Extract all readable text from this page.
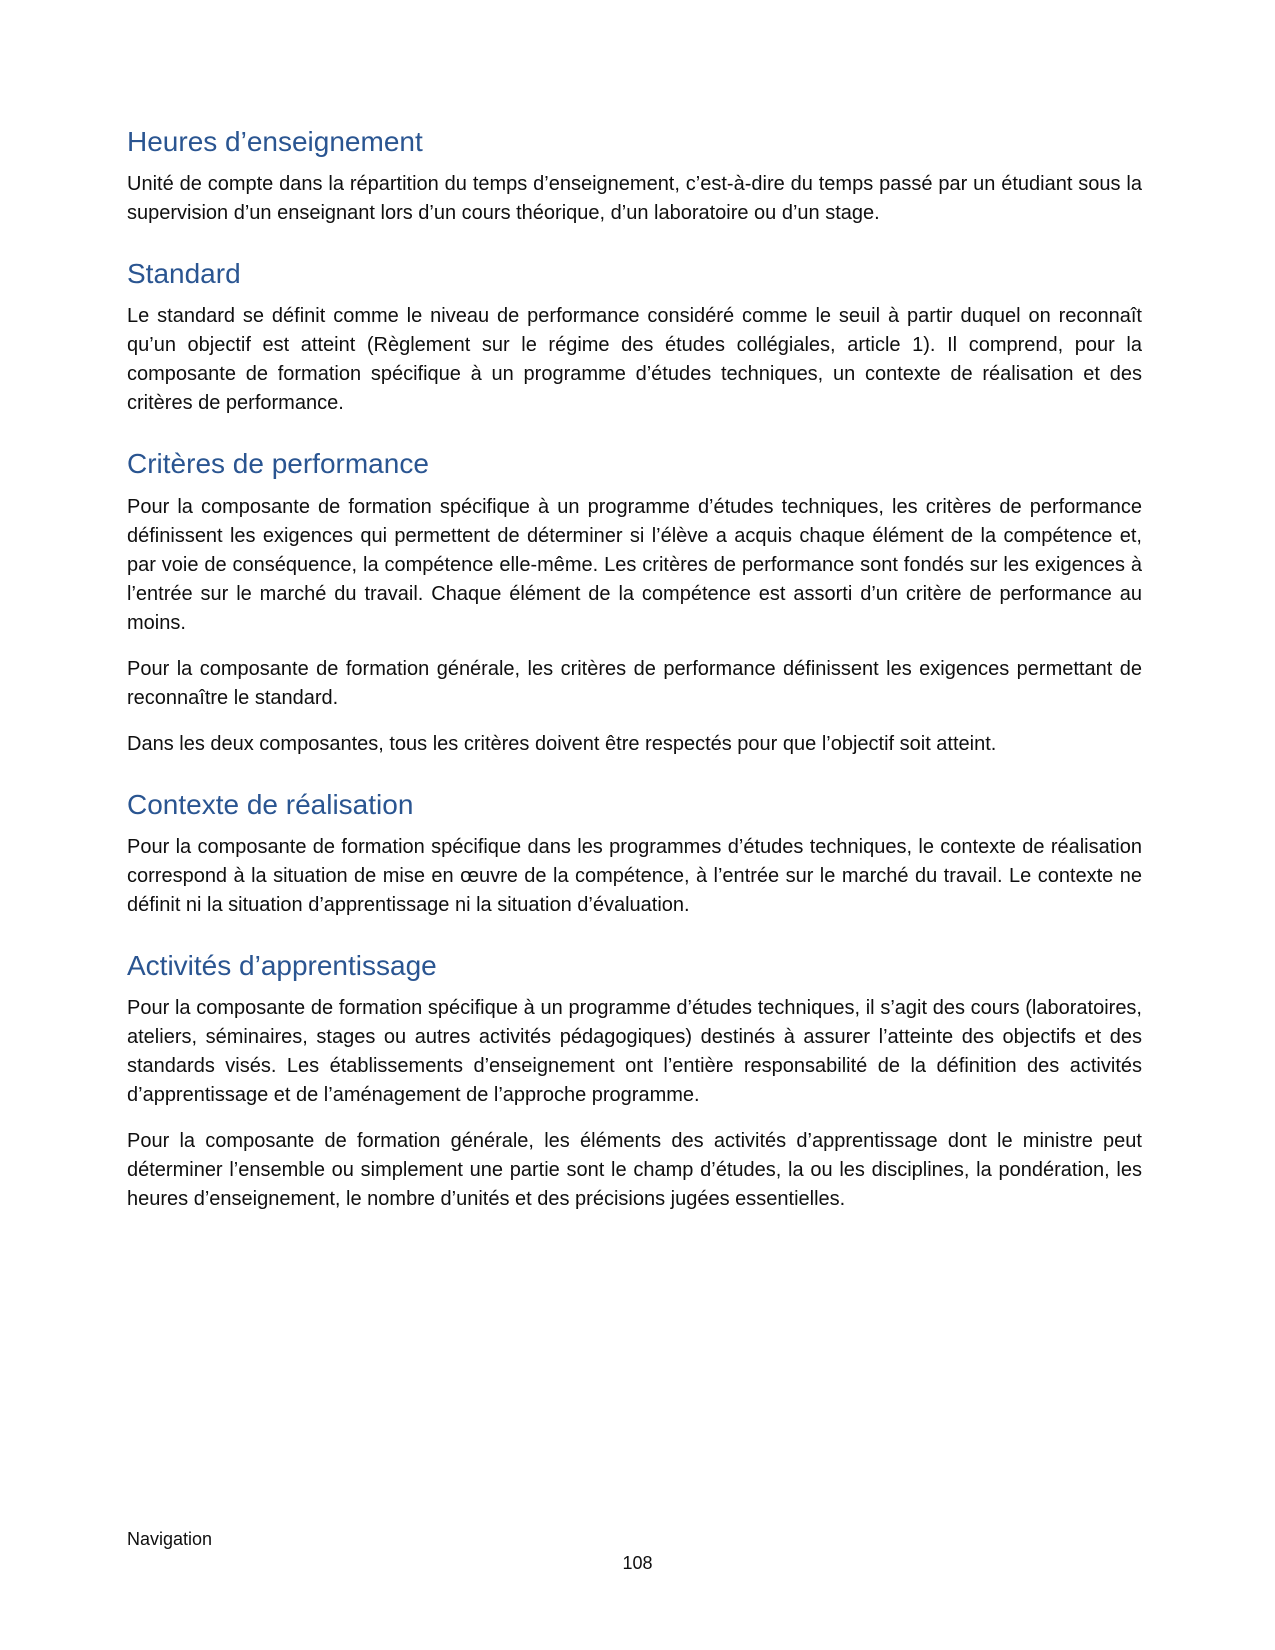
Heures d’enseignement

Unité de compte dans la répartition du temps d’enseignement, c’est-à-dire du temps passé par un étudiant sous la supervision d’un enseignant lors d’un cours théorique, d’un laboratoire ou d’un stage.

Standard

Le standard se définit comme le niveau de performance considéré comme le seuil à partir duquel on reconnaît qu’un objectif est atteint (Règlement sur le régime des études collégiales, article 1). Il comprend, pour la composante de formation spécifique à un programme d’études techniques, un contexte de réalisation et des critères de performance.

Critères de performance

Pour la composante de formation spécifique à un programme d’études techniques, les critères de performance définissent les exigences qui permettent de déterminer si l’élève a acquis chaque élément de la compétence et, par voie de conséquence, la compétence elle-même. Les critères de performance sont fondés sur les exigences à l’entrée sur le marché du travail. Chaque élément de la compétence est assorti d’un critère de performance au moins.

Pour la composante de formation générale, les critères de performance définissent les exigences permettant de reconnaître le standard.

Dans les deux composantes, tous les critères doivent être respectés pour que l’objectif soit atteint.

Contexte de réalisation

Pour la composante de formation spécifique dans les programmes d’études techniques, le contexte de réalisation correspond à la situation de mise en œuvre de la compétence, à l’entrée sur le marché du travail. Le contexte ne définit ni la situation d’apprentissage ni la situation d’évaluation.

Activités d’apprentissage

Pour la composante de formation spécifique à un programme d’études techniques, il s’agit des cours (laboratoires, ateliers, séminaires, stages ou autres activités pédagogiques) destinés à assurer l’atteinte des objectifs et des standards visés. Les établissements d’enseignement ont l’entière responsabilité de la définition des activités d’apprentissage et de l’aménagement de l’approche programme.

Pour la composante de formation générale, les éléments des activités d’apprentissage dont le ministre peut déterminer l’ensemble ou simplement une partie sont le champ d’études, la ou les disciplines, la pondération, les heures d’enseignement, le nombre d’unités et des précisions jugées essentielles.

Navigation
108
